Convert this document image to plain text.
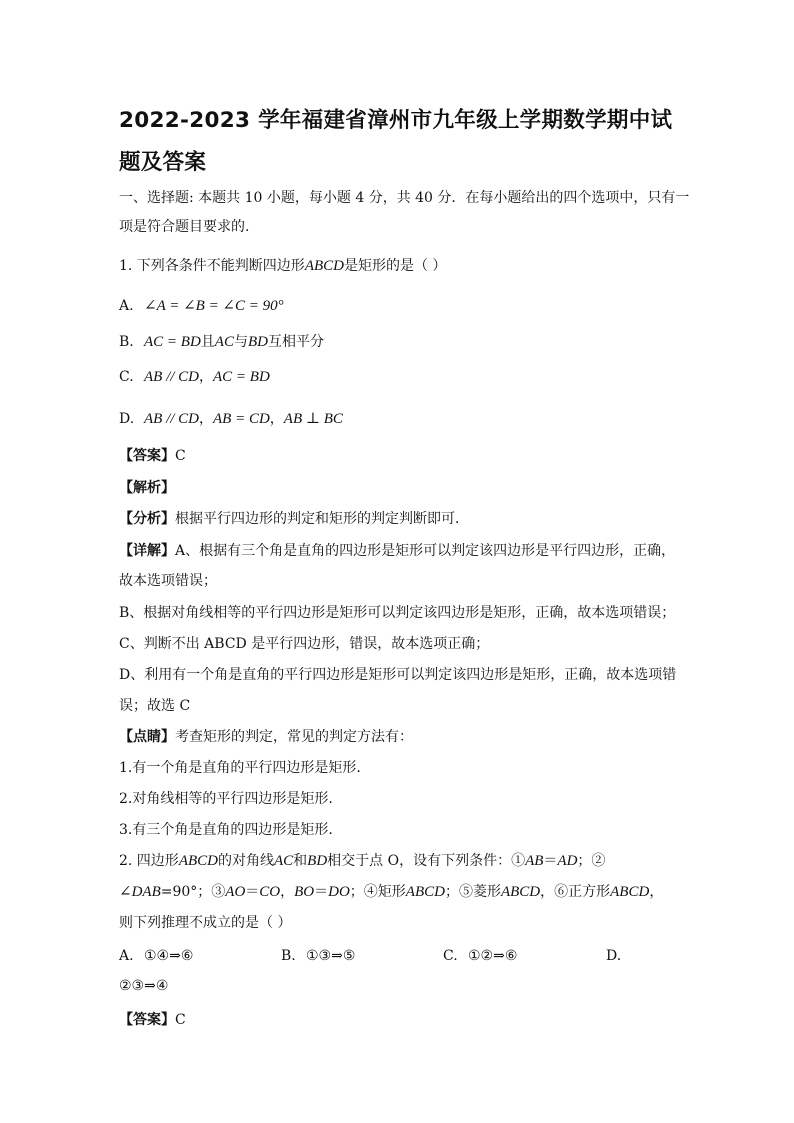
2022-2023 学年福建省漳州市九年级上学期数学期中试题及答案
一、选择题: 本题共 10 小题，每小题 4 分，共 40 分．在每小题给出的四个选项中，只有一
项是符合题目要求的.
1. 下列各条件不能判断四边形ABCD是矩形的是（ ）
A. ∠A = ∠B = ∠C = 90°
B. AC = BD且AC与BD互相平分
C. AB // CD，AC = BD
D. AB // CD，AB = CD，AB ⊥ BC
【答案】C
【解析】
【分析】根据平行四边形的判定和矩形的判定判断即可．
【详解】A、根据有三个角是直角的四边形是矩形可以判定该四边形是平行四边形，正确，
故本选项错误；
B、根据对角线相等的平行四边形是矩形可以判定该四边形是矩形，正确，故本选项错误；
C、判断不出 ABCD 是平行四边形，错误，故本选项正确；
D、利用有一个角是直角的平行四边形是矩形可以判定该四边形是矩形，正确，故本选项错
误；故选 C
【点睛】考查矩形的判定，常见的判定方法有：
1.有一个角是直角的平行四边形是矩形.
2.对角线相等的平行四边形是矩形.
3.有三个角是直角的四边形是矩形.
2. 四边形ABCD的对角线AC和BD相交于点 O，设有下列条件：①AB＝AD；②
∠DAB=90°；③AO＝CO，BO＝DO；④矩形ABCD；⑤菱形ABCD，⑥正方形ABCD，
则下列推理不成立的是（ ）
A. ①④⇒⑥	B. ①③⇒⑤	C. ①②⇒⑥	D.
②③⇒④
【答案】C
